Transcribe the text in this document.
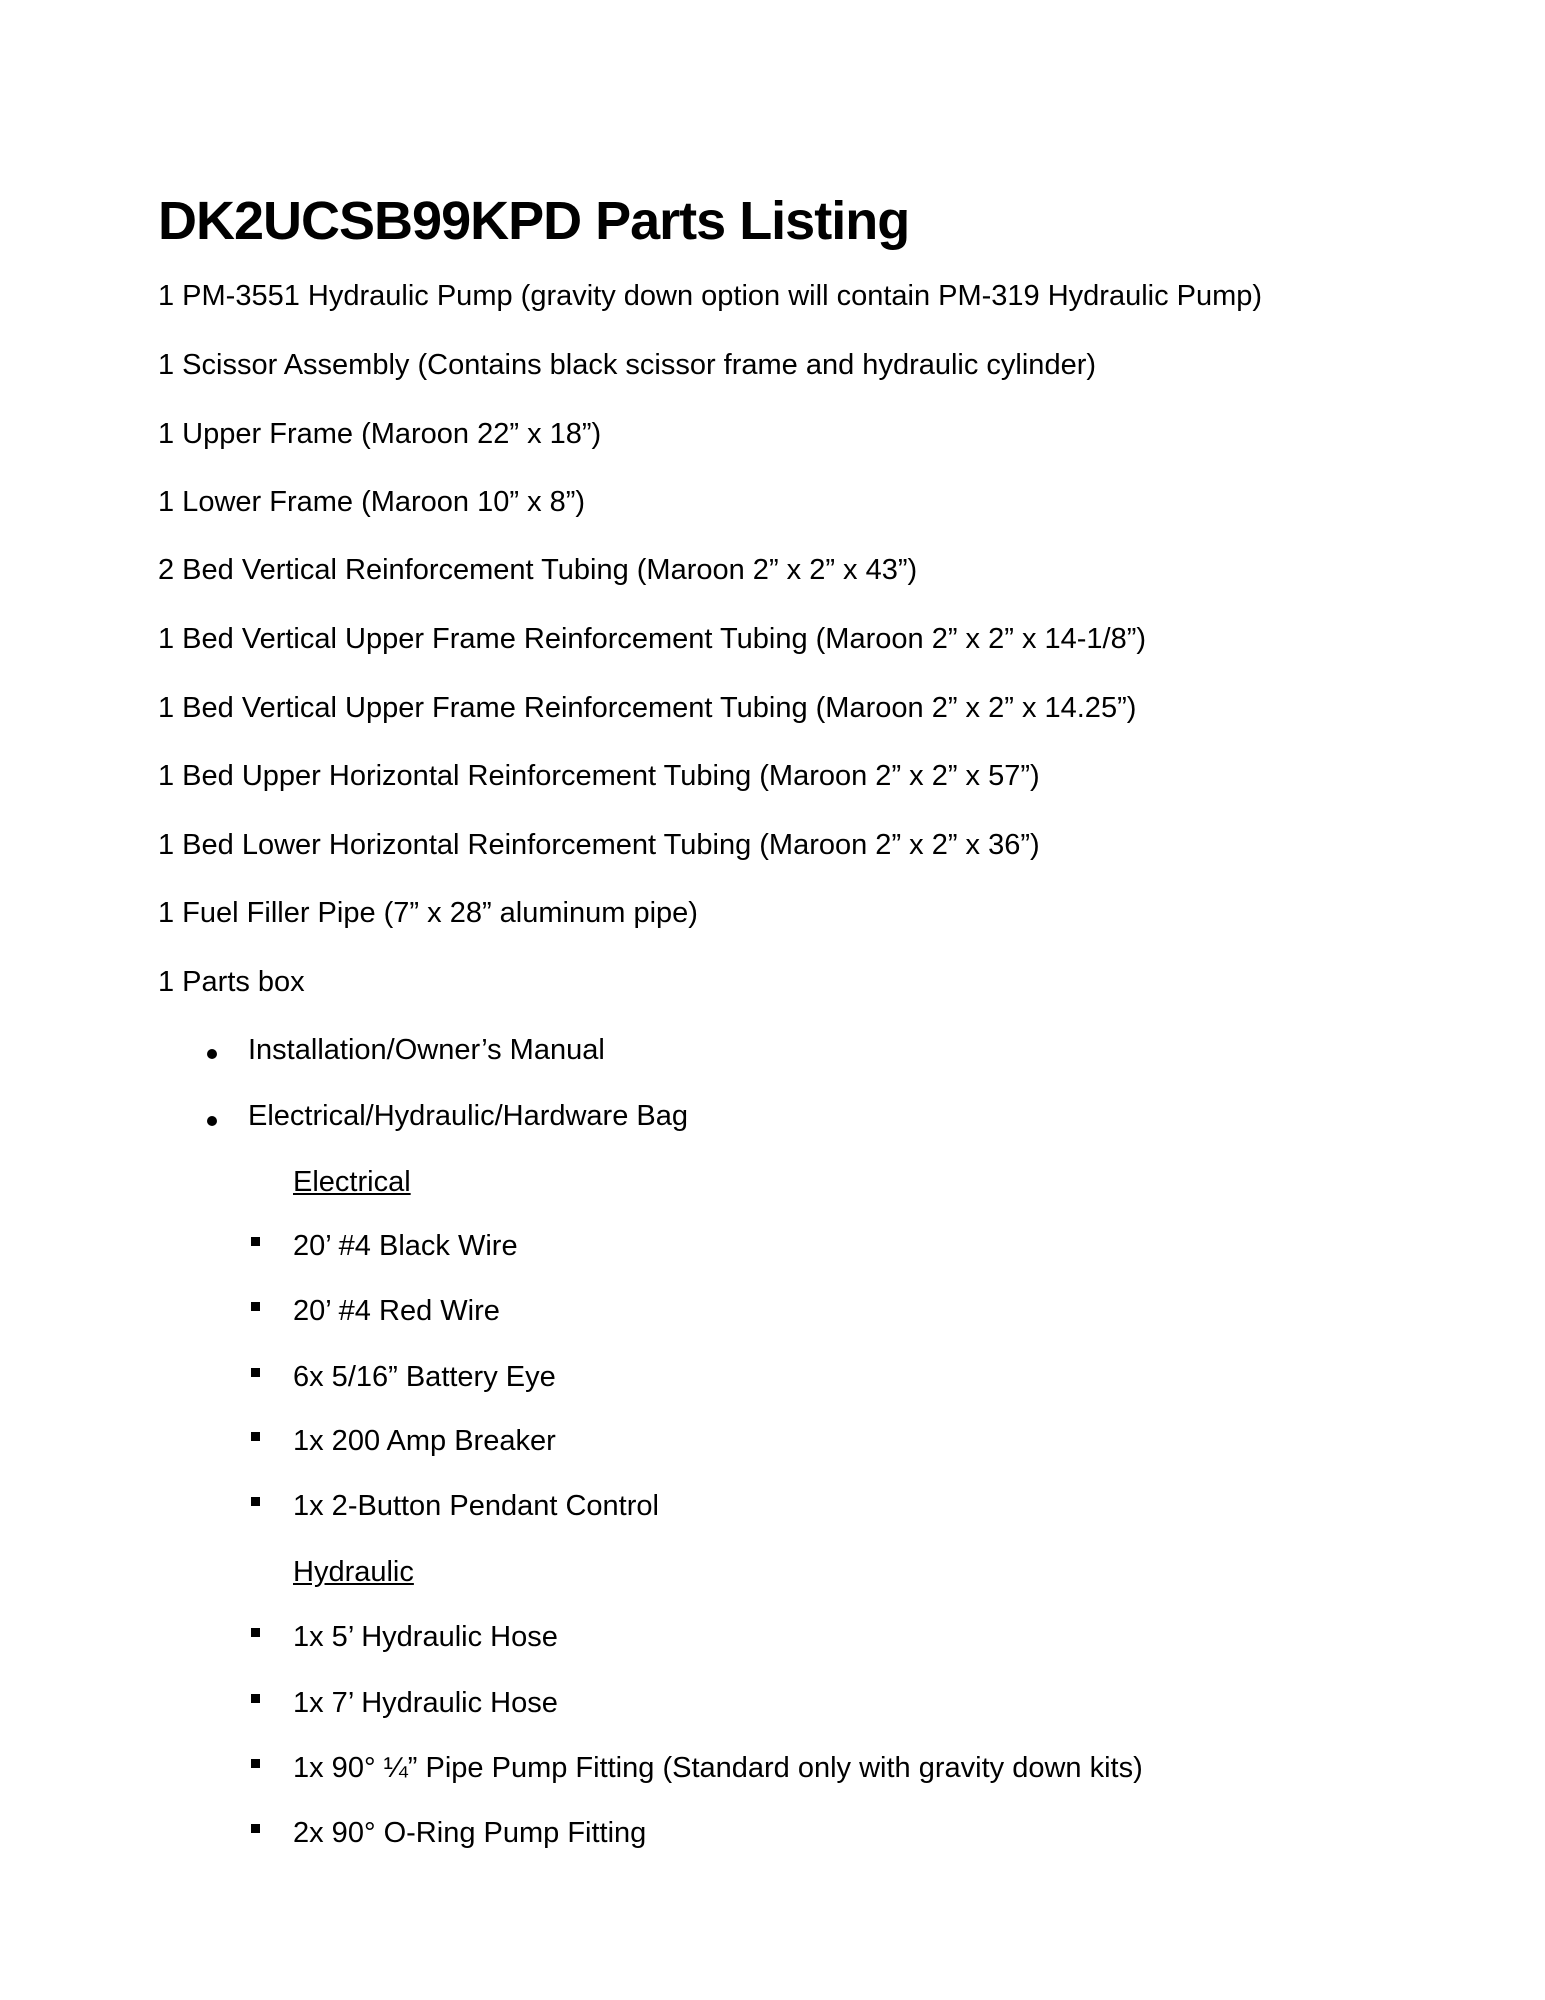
DK2UCSB99KPD Parts Listing
1 PM-3551 Hydraulic Pump (gravity down option will contain PM-319 Hydraulic Pump)
1 Scissor Assembly (Contains black scissor frame and hydraulic cylinder)
1 Upper Frame (Maroon 22” x 18”)
1 Lower Frame (Maroon 10” x 8”)
2 Bed Vertical Reinforcement Tubing (Maroon 2” x 2” x 43”)
1 Bed Vertical Upper Frame Reinforcement Tubing (Maroon 2” x 2” x 14-1/8”)
1 Bed Vertical Upper Frame Reinforcement Tubing (Maroon 2” x 2” x 14.25”)
1 Bed Upper Horizontal Reinforcement Tubing (Maroon 2” x 2” x 57”)
1 Bed Lower Horizontal Reinforcement Tubing (Maroon 2” x 2” x 36”)
1 Fuel Filler Pipe (7” x 28” aluminum pipe)
1 Parts box
Installation/Owner’s Manual
Electrical/Hydraulic/Hardware Bag
Electrical
20’ #4 Black Wire
20’ #4 Red Wire
6x 5/16” Battery Eye
1x 200 Amp Breaker
1x 2-Button Pendant Control
Hydraulic
1x 5’ Hydraulic Hose
1x 7’ Hydraulic Hose
1x 90° ¼” Pipe Pump Fitting (Standard only with gravity down kits)
2x 90° O-Ring Pump Fitting
